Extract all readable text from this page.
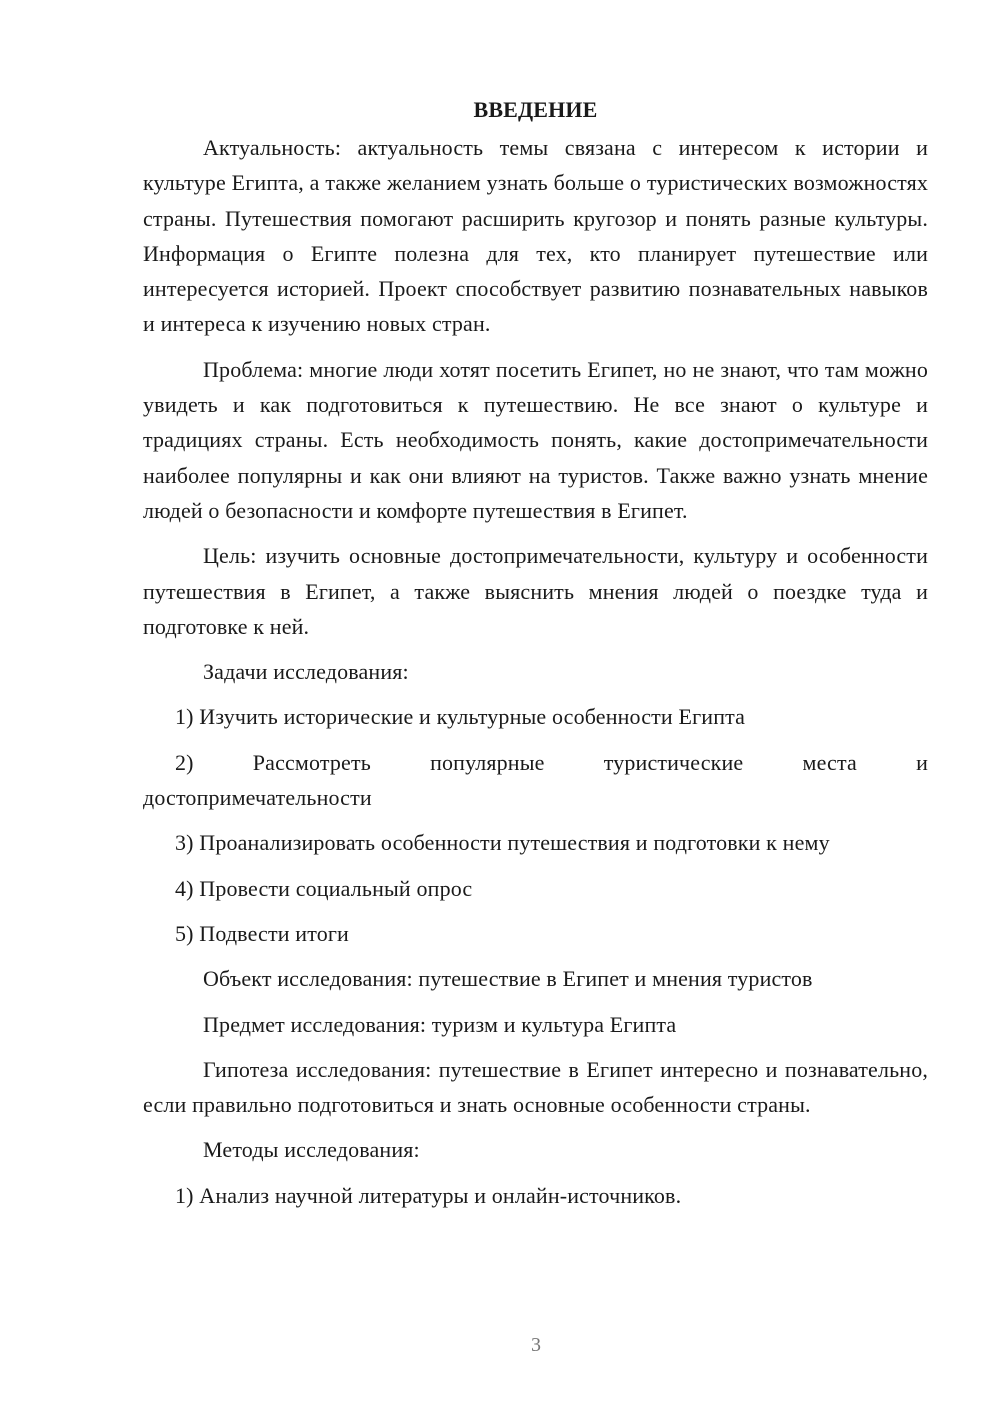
ВВЕДЕНИЕ
Актуальность: актуальность темы связана с интересом к истории и культуре Египта, а также желанием узнать больше о туристических возможностях страны. Путешествия помогают расширить кругозор и понять разные культуры. Информация о Египте полезна для тех, кто планирует путешествие или интересуется историей. Проект способствует развитию познавательных навыков и интереса к изучению новых стран.
Проблема: многие люди хотят посетить Египет, но не знают, что там можно увидеть и как подготовиться к путешествию. Не все знают о культуре и традициях страны. Есть необходимость понять, какие достопримечательности наиболее популярны и как они влияют на туристов. Также важно узнать мнение людей о безопасности и комфорте путешествия в Египет.
Цель: изучить основные достопримечательности, культуру и особенности путешествия в Египет, а также выяснить мнения людей о поездке туда и подготовке к ней.
Задачи исследования:
1) Изучить исторические и культурные особенности Египта
2) Рассмотреть популярные туристические места и
достопримечательности
3) Проанализировать особенности путешествия и подготовки к нему
4) Провести социальный опрос
5) Подвести итоги
Объект исследования: путешествие в Египет и мнения туристов
Предмет исследования: туризм и культура Египта
Гипотеза исследования: путешествие в Египет интересно и познавательно, если правильно подготовиться и знать основные особенности страны.
Методы исследования:
1) Анализ научной литературы и онлайн-источников.
3
